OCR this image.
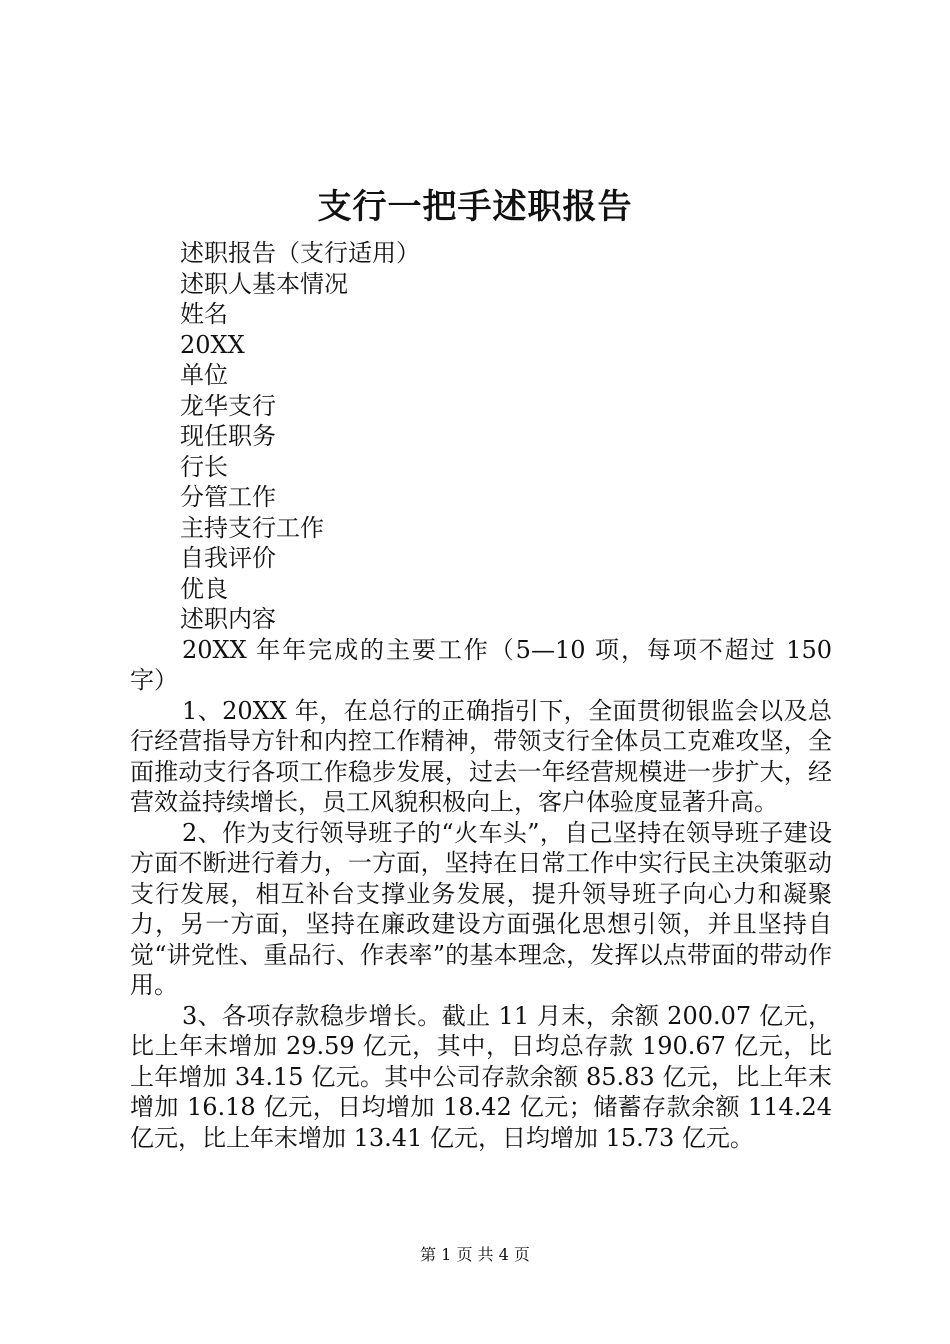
支行一把手述职报告

述职报告（支行适用）

述职人基本情况

姓名

20XX

单位

龙华支行

现任职务

行长

分管工作

主持支行工作

自我评价

优良

述职内容

20XX 年年完成的主要工作（5—10 项，每项不超过 150 字）

1、20XX 年，在总行的正确指引下，全面贯彻银监会以及总行经营指导方针和内控工作精神，带领支行全体员工克难攻坚，全面推动支行各项工作稳步发展，过去一年经营规模进一步扩大，经营效益持续增长，员工风貌积极向上，客户体验度显著升高。

2、作为支行领导班子的“火车头”，自己坚持在领导班子建设方面不断进行着力，一方面，坚持在日常工作中实行民主决策驱动支行发展，相互补台支撑业务发展，提升领导班子向心力和凝聚力，另一方面，坚持在廉政建设方面强化思想引领，并且坚持自觉“讲党性、重品行、作表率”的基本理念，发挥以点带面的带动作用。

3、各项存款稳步增长。截止 11 月末，余额 200.07 亿元，比上年末增加 29.59 亿元，其中，日均总存款 190.67 亿元，比上年增加 34.15 亿元。其中公司存款余额 85.83 亿元，比上年末增加 16.18 亿元，日均增加 18.42 亿元；储蓄存款余额 114.24 亿元，比上年末增加 13.41 亿元，日均增加 15.73 亿元。

第 1 页 共 4 页
